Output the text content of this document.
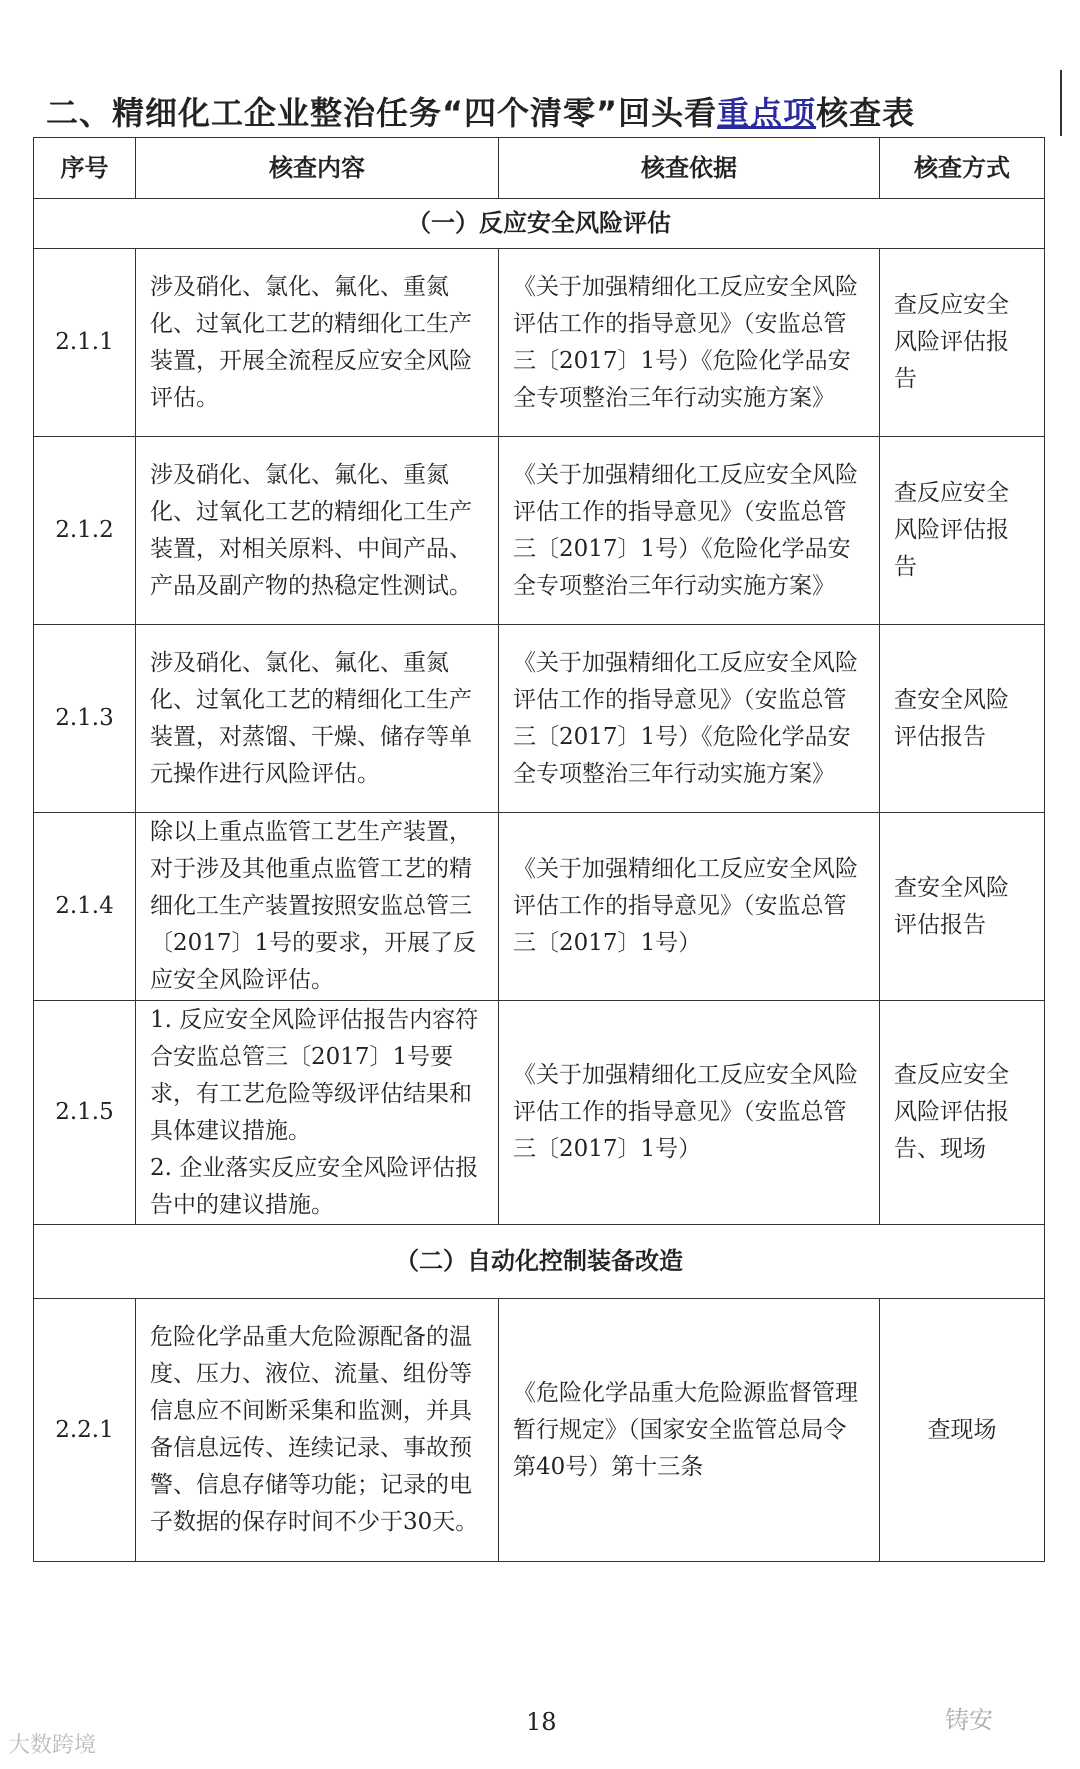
二、精细化工企业整治任务“四个清零”回头看重点项核查表
序号	核查内容	核查依据	核查方式
（一）反应安全风险评估			
2.1.1	涉及硝化、氯化、氟化、重氮化、过氧化工艺的精细化工生产装置，开展全流程反应安全风险评估。	《关于加强精细化工反应安全风险评估工作的指导意见》（安监总管三〔2017〕1号）《危险化学品安全专项整治三年行动实施方案》	查反应安全风险评估报告
2.1.2	涉及硝化、氯化、氟化、重氮化、过氧化工艺的精细化工生产装置，对相关原料、中间产品、产品及副产物的热稳定性测试。	《关于加强精细化工反应安全风险评估工作的指导意见》（安监总管三〔2017〕1号）《危险化学品安全专项整治三年行动实施方案》	查反应安全风险评估报告
2.1.3	涉及硝化、氯化、氟化、重氮化、过氧化工艺的精细化工生产装置，对蒸馏、干燥、储存等单元操作进行风险评估。	《关于加强精细化工反应安全风险评估工作的指导意见》（安监总管三〔2017〕1号）《危险化学品安全专项整治三年行动实施方案》	查安全风险评估报告
2.1.4	除以上重点监管工艺生产装置，对于涉及其他重点监管工艺的精细化工生产装置按照安监总管三〔2017〕1号的要求，开展了反应安全风险评估。	《关于加强精细化工反应安全风险评估工作的指导意见》（安监总管三〔2017〕1号）	查安全风险评估报告
2.1.5	1. 反应安全风险评估报告内容符合安监总管三〔2017〕1号要求，有工艺危险等级评估结果和具体建议措施。
2. 企业落实反应安全风险评估报告中的建议措施。	《关于加强精细化工反应安全风险评估工作的指导意见》（安监总管三〔2017〕1号）	查反应安全风险评估报告、现场
（二）自动化控制装备改造			
2.2.1	危险化学品重大危险源配备的温度、压力、液位、流量、组份等信息应不间断采集和监测，并具备信息远传、连续记录、事故预警、信息存储等功能；记录的电子数据的保存时间不少于30天。	《危险化学品重大危险源监督管理暂行规定》（国家安全监管总局令第40号）第十三条	查现场
18
大数跨境
铸安
